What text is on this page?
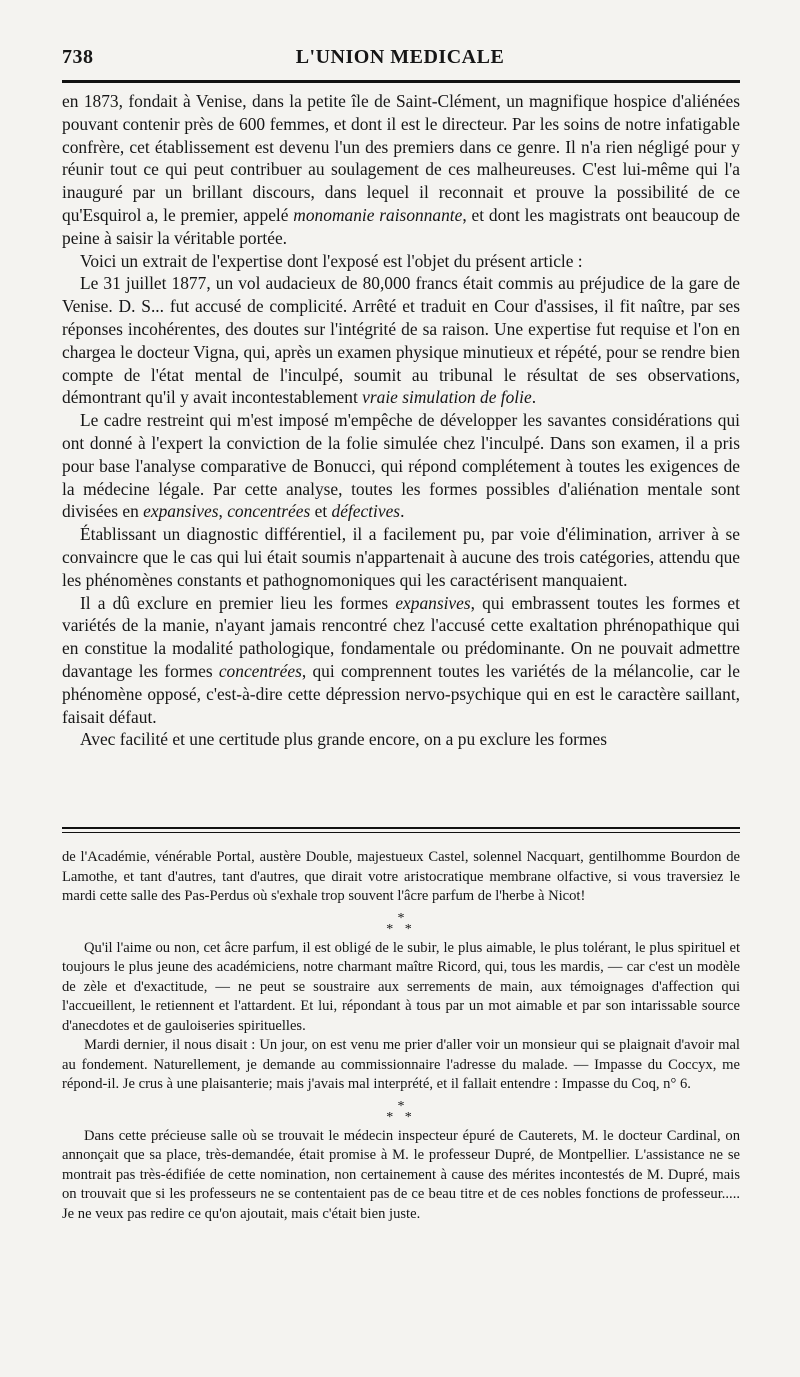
738	L'UNION MEDICALE

en 1873, fondait à Venise, dans la petite île de Saint-Clément, un magnifique hospice d'aliénées pouvant contenir près de 600 femmes, et dont il est le directeur. Par les soins de notre infatigable confrère, cet établissement est devenu l'un des premiers dans ce genre. Il n'a rien négligé pour y réunir tout ce qui peut contribuer au soulagement de ces malheureuses. C'est lui-même qui l'a inauguré par un brillant discours, dans lequel il reconnait et prouve la possibilité de ce qu'Esquirol a, le premier, appelé monomanie raisonnante, et dont les magistrats ont beaucoup de peine à saisir la véritable portée.

Voici un extrait de l'expertise dont l'exposé est l'objet du présent article :

Le 31 juillet 1877, un vol audacieux de 80,000 francs était commis au préjudice de la gare de Venise. D. S... fut accusé de complicité. Arrêté et traduit en Cour d'assises, il fit naître, par ses réponses incohérentes, des doutes sur l'intégrité de sa raison. Une expertise fut requise et l'on en chargea le docteur Vigna, qui, après un examen physique minutieux et répété, pour se rendre bien compte de l'état mental de l'inculpé, soumit au tribunal le résultat de ses observations, démontrant qu'il y avait incontestablement vraie simulation de folie.

Le cadre restreint qui m'est imposé m'empêche de développer les savantes considérations qui ont donné à l'expert la conviction de la folie simulée chez l'inculpé. Dans son examen, il a pris pour base l'analyse comparative de Bonucci, qui répond complétement à toutes les exigences de la médecine légale. Par cette analyse, toutes les formes possibles d'aliénation mentale sont divisées en expansives, concentrées et défectives.

Établissant un diagnostic différentiel, il a facilement pu, par voie d'élimination, arriver à se convaincre que le cas qui lui était soumis n'appartenait à aucune des trois catégories, attendu que les phénomènes constants et pathognomoniques qui les caractérisent manquaient.

Il a dû exclure en premier lieu les formes expansives, qui embrassent toutes les formes et variétés de la manie, n'ayant jamais rencontré chez l'accusé cette exaltation phrénopathique qui en constitue la modalité pathologique, fondamentale ou prédominante. On ne pouvait admettre davantage les formes concentrées, qui comprennent toutes les variétés de la mélancolie, car le phénomène opposé, c'est-à-dire cette dépression nervo-psychique qui en est le caractère saillant, faisait défaut.

Avec facilité et une certitude plus grande encore, on a pu exclure les formes

de l'Académie, vénérable Portal, austère Double, majestueux Castel, solennel Nacquart, gentilhomme Bourdon de Lamothe, et tant d'autres, tant d'autres, que dirait votre aristocratique membrane olfactive, si vous traversiez le mardi cette salle des Pas-Perdus où s'exhale trop souvent l'âcre parfum de l'herbe à Nicot!

*
* *

Qu'il l'aime ou non, cet âcre parfum, il est obligé de le subir, le plus aimable, le plus tolérant, le plus spirituel et toujours le plus jeune des académiciens, notre charmant maître Ricord, qui, tous les mardis, — car c'est un modèle de zèle et d'exactitude, — ne peut se soustraire aux serrements de main, aux témoignages d'affection qui l'accueillent, le retiennent et l'attardent. Et lui, répondant à tous par un mot aimable et par son intarissable source d'anecdotes et de gauloiseries spirituelles.

Mardi dernier, il nous disait : Un jour, on est venu me prier d'aller voir un monsieur qui se plaignait d'avoir mal au fondement. Naturellement, je demande au commissionnaire l'adresse du malade. — Impasse du Coccyx, me répond-il. Je crus à une plaisanterie; mais j'avais mal interprété, et il fallait entendre : Impasse du Coq, n° 6.

*
* *

Dans cette précieuse salle où se trouvait le médecin inspecteur épuré de Cauterets, M. le docteur Cardinal, on annonçait que sa place, très-demandée, était promise à M. le professeur Dupré, de Montpellier. L'assistance ne se montrait pas très-édifiée de cette nomination, non certainement à cause des mérites incontestés de M. Dupré, mais on trouvait que si les professeurs ne se contentaient pas de ce beau titre et de ces nobles fonctions de professeur..... Je ne veux pas redire ce qu'on ajoutait, mais c'était bien juste.
